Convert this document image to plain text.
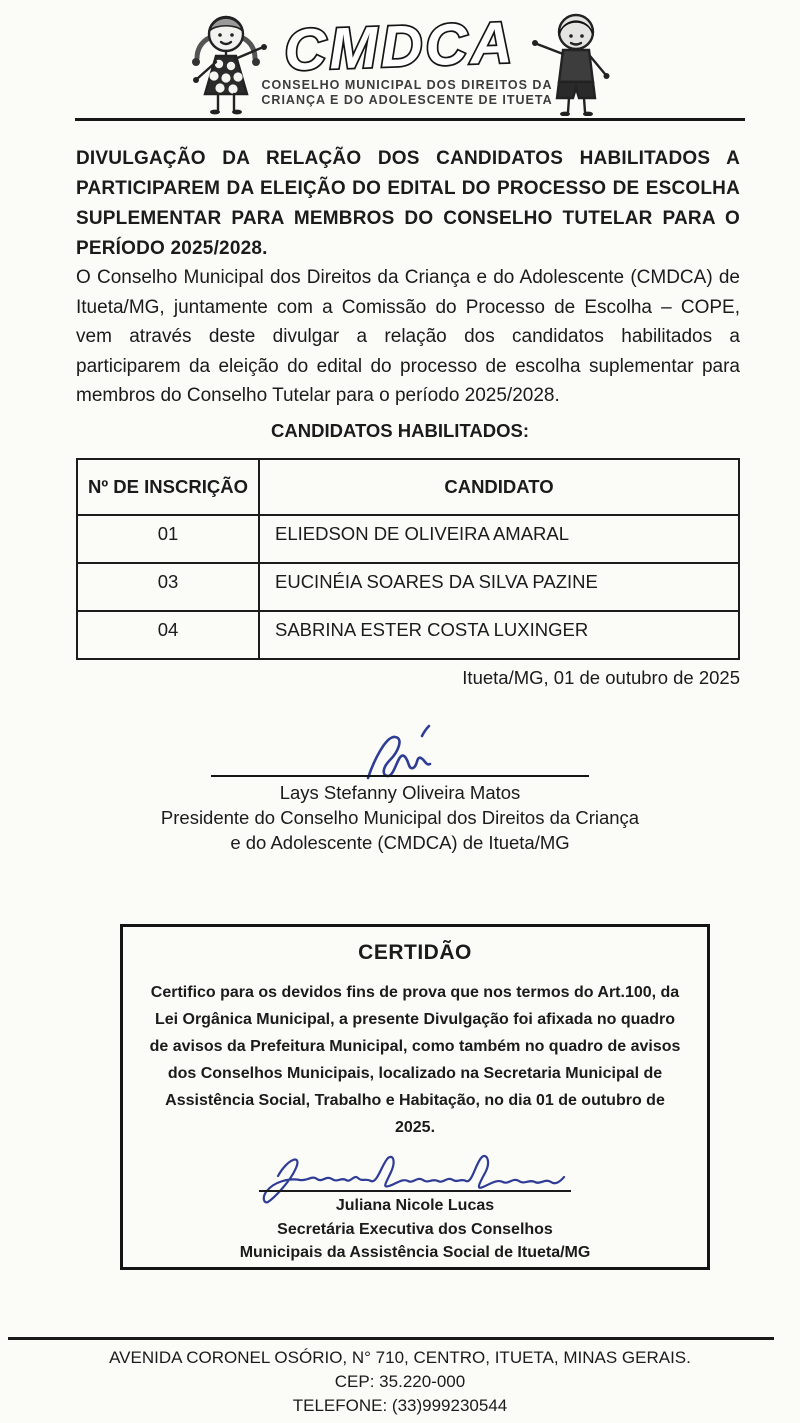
CMDCA
CONSELHO MUNICIPAL DOS DIREITOS DA
CRIANÇA E DO ADOLESCENTE DE ITUETA

DIVULGAÇÃO DA RELAÇÃO DOS CANDIDATOS HABILITADOS A PARTICIPAREM DA ELEIÇÃO DO EDITAL DO PROCESSO DE ESCOLHA SUPLEMENTAR PARA MEMBROS DO CONSELHO TUTELAR PARA O PERÍODO 2025/2028.

O Conselho Municipal dos Direitos da Criança e do Adolescente (CMDCA) de Itueta/MG, juntamente com a Comissão do Processo de Escolha – COPE, vem através deste divulgar a relação dos candidatos habilitados a participarem da eleição do edital do processo de escolha suplementar para membros do Conselho Tutelar para o período 2025/2028.

CANDIDATOS HABILITADOS:

Nº DE INSCRIÇÃO	CANDIDATO
01	ELIEDSON DE OLIVEIRA AMARAL
03	EUCINÉIA SOARES DA SILVA PAZINE
04	SABRINA ESTER COSTA LUXINGER

Itueta/MG, 01 de outubro de 2025

Lays Stefanny Oliveira Matos

Presidente do Conselho Municipal dos Direitos da Criança

e do Adolescente (CMDCA) de Itueta/MG

CERTIDÃO

Certifico para os devidos fins de prova que nos termos do Art.100, da Lei Orgânica Municipal, a presente Divulgação foi afixada no quadro de avisos da Prefeitura Municipal, como também no quadro de avisos dos Conselhos Municipais, localizado na Secretaria Municipal de Assistência Social, Trabalho e Habitação, no dia 01 de outubro de 2025.

Juliana Nicole Lucas

Secretária Executiva dos Conselhos

Municipais da Assistência Social de Itueta/MG

AVENIDA CORONEL OSÓRIO, N° 710, CENTRO, ITUETA, MINAS GERAIS.
CEP: 35.220-000
TELEFONE: (33)999230544
